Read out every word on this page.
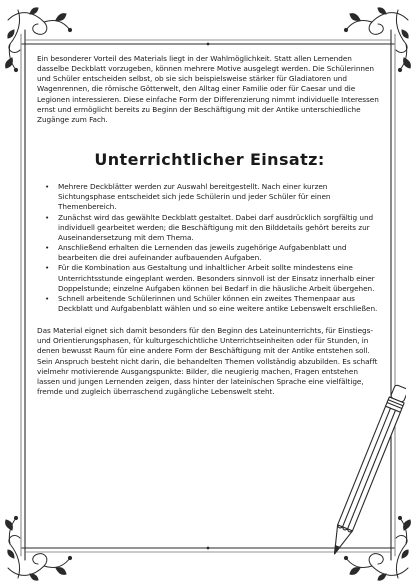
Ein besonderer Vorteil des Materials liegt in der Wahlmöglichkeit. Statt allen Lernenden dasselbe Deckblatt vorzugeben, können mehrere Motive ausgelegt werden. Die Schülerinnen und Schüler entscheiden selbst, ob sie sich beispielsweise stärker für Gladiatoren und Wagenrennen, die römische Götterwelt, den Alltag einer Familie oder für Caesar und die Legionen interessieren. Diese einfache Form der Differenzierung nimmt individuelle Interessen ernst und ermöglicht bereits zu Beginn der Beschäftigung mit der Antike unterschiedliche Zugänge zum Fach.

Unterrichtlicher Einsatz:
• Mehrere Deckblätter werden zur Auswahl bereitgestellt. Nach einer kurzen Sichtungsphase entscheidet sich jede Schülerin und jeder Schüler für einen Themenbereich.
• Zunächst wird das gewählte Deckblatt gestaltet. Dabei darf ausdrücklich sorgfältig und individuell gearbeitet werden; die Beschäftigung mit den Bilddetails gehört bereits zur Auseinandersetzung mit dem Thema.
• Anschließend erhalten die Lernenden das jeweils zugehörige Aufgabenblatt und bearbeiten die drei aufeinander aufbauenden Aufgaben.
• Für die Kombination aus Gestaltung und inhaltlicher Arbeit sollte mindestens eine Unterrichtsstunde eingeplant werden. Besonders sinnvoll ist der Einsatz innerhalb einer Doppelstunde; einzelne Aufgaben können bei Bedarf in die häusliche Arbeit übergehen.
• Schnell arbeitende Schülerinnen und Schüler können ein zweites Themenpaar aus Deckblatt und Aufgabenblatt wählen und so eine weitere antike Lebenswelt erschließen.

Das Material eignet sich damit besonders für den Beginn des Lateinunterrichts, für Einstiegs- und Orientierungsphasen, für kulturgeschichtliche Unterrichtseinheiten oder für Stunden, in denen bewusst Raum für eine andere Form der Beschäftigung mit der Antike entstehen soll. Sein Anspruch besteht nicht darin, die behandelten Themen vollständig abzubilden. Es schafft vielmehr motivierende Ausgangspunkte: Bilder, die neugierig machen, Fragen entstehen lassen und jungen Lernenden zeigen, dass hinter der lateinischen Sprache eine vielfältige, fremde und zugleich überraschend zugängliche Lebenswelt steht.
